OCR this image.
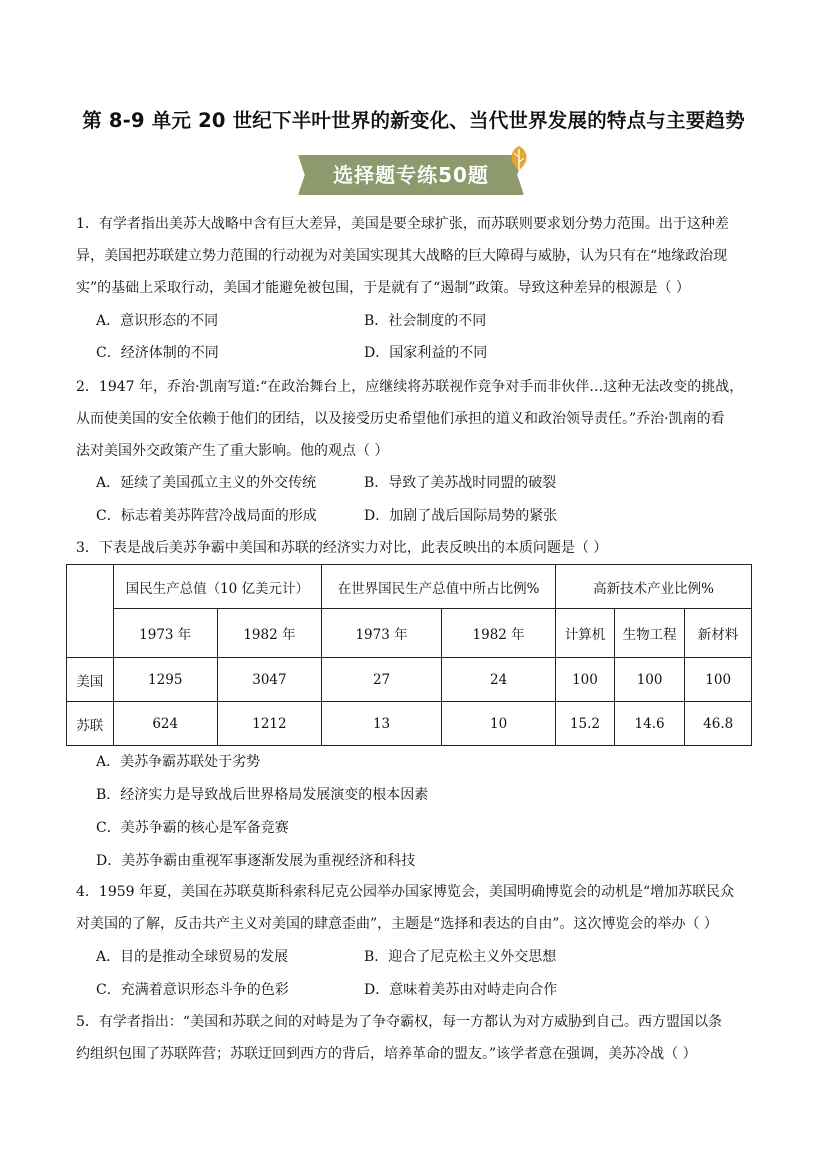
第 8-9 单元 20 世纪下半叶世界的新变化、当代世界发展的特点与主要趋势
选择题专练50题
1．有学者指出美苏大战略中含有巨大差异，美国是要全球扩张，而苏联则要求划分势力范围。出于这种差
异，美国把苏联建立势力范围的行动视为对美国实现其大战略的巨大障碍与威胁，认为只有在“地缘政治现
实”的基础上采取行动，美国才能避免被包围，于是就有了“遏制”政策。导致这种差异的根源是（ ）
A．意识形态的不同	B．社会制度的不同
C．经济体制的不同	D．国家利益的不同
2．1947 年，乔治·凯南写道:“在政治舞台上，应继续将苏联视作竞争对手而非伙伴…这种无法改变的挑战，
从而使美国的安全依赖于他们的团结，以及接受历史希望他们承担的道义和政治领导责任。”乔治·凯南的看
法对美国外交政策产生了重大影响。他的观点（ ）
A．延续了美国孤立主义的外交传统	B．导致了美苏战时同盟的破裂
C．标志着美苏阵营冷战局面的形成	D．加剧了战后国际局势的紧张
3．下表是战后美苏争霸中美国和苏联的经济实力对比，此表反映出的本质问题是（ ）
	国民生产总值（10 亿美元计）		在世界国民生产总值中所占比例%		高新技术产业比例%		
	1973 年	1982 年	1973 年	1982 年	计算机	生物工程	新材料
美国	1295	3047	27	24	100	100	100
苏联	624	1212	13	10	15.2	14.6	46.8
A．美苏争霸苏联处于劣势
B．经济实力是导致战后世界格局发展演变的根本因素
C．美苏争霸的核心是军备竞赛
D．美苏争霸由重视军事逐渐发展为重视经济和科技
4．1959 年夏，美国在苏联莫斯科索科尼克公园举办国家博览会，美国明确博览会的动机是“增加苏联民众
对美国的了解，反击共产主义对美国的肆意歪曲”，主题是“选择和表达的自由”。这次博览会的举办（ ）
A．目的是推动全球贸易的发展	B．迎合了尼克松主义外交思想
C．充满着意识形态斗争的色彩	D．意味着美苏由对峙走向合作
5．有学者指出：“美国和苏联之间的对峙是为了争夺霸权，每一方都认为对方威胁到自己。西方盟国以条
约组织包围了苏联阵营；苏联迂回到西方的背后，培养革命的盟友。”该学者意在强调，美苏冷战（ ）
